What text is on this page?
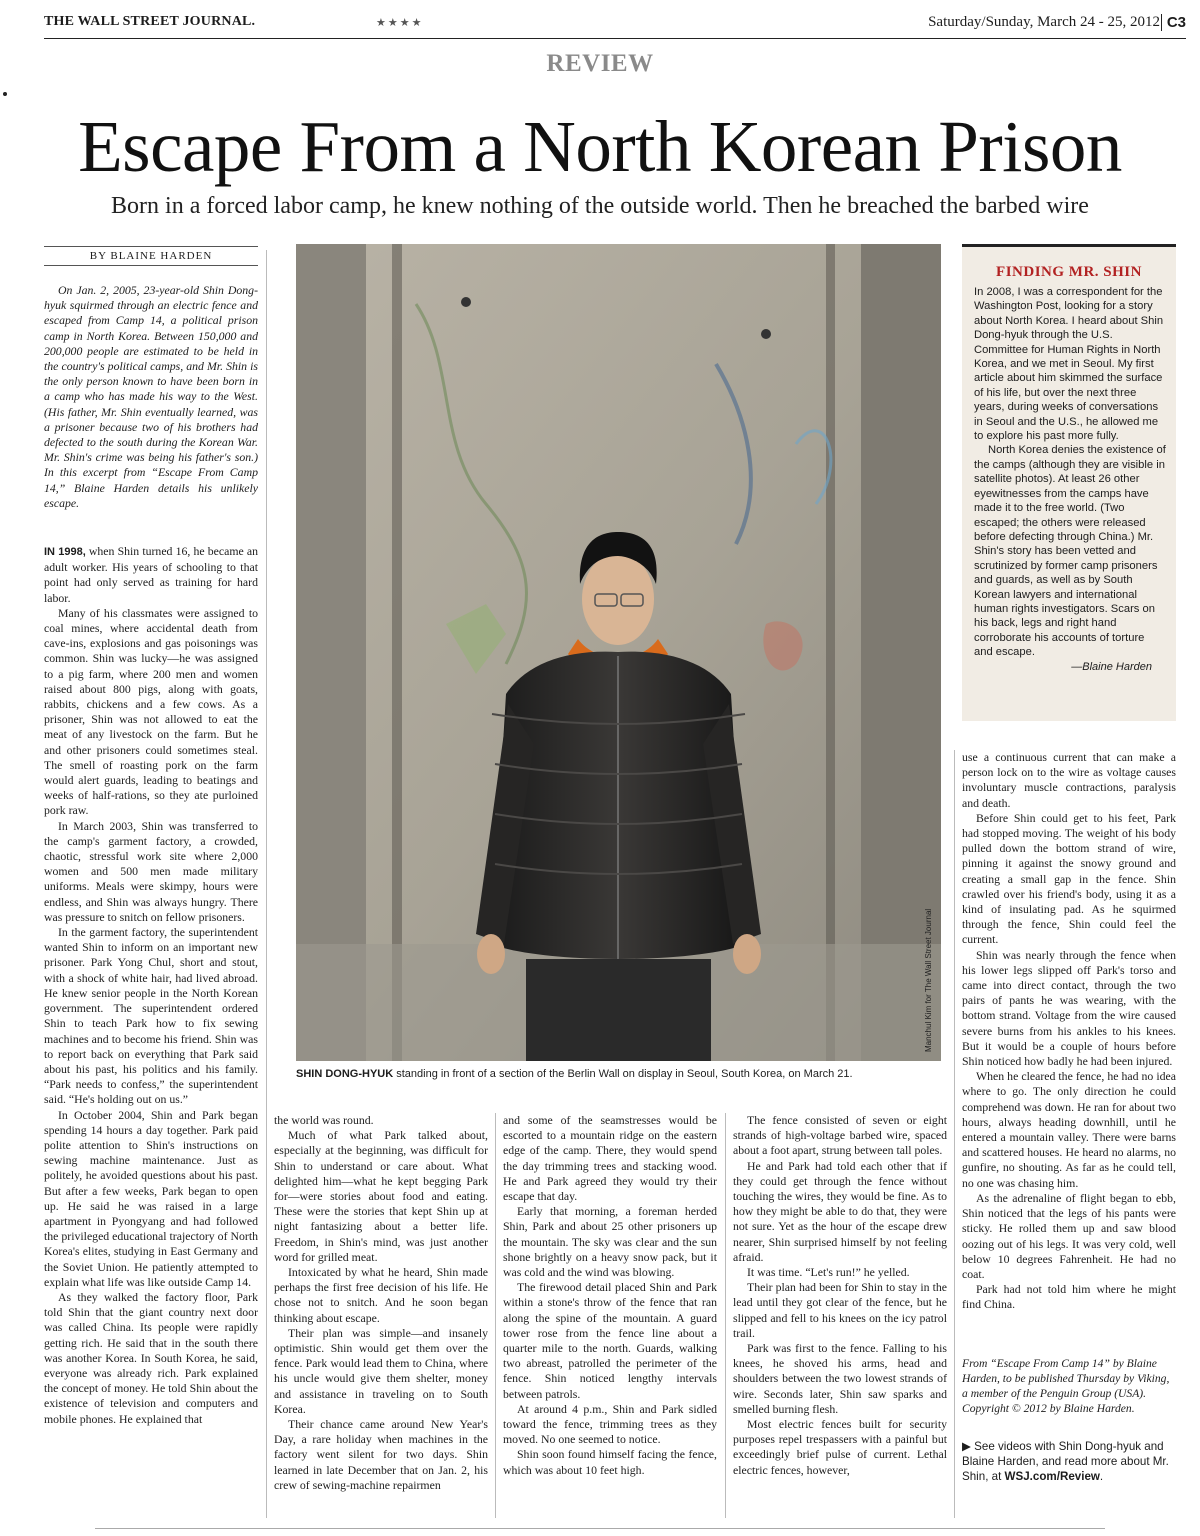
THE WALL STREET JOURNAL.	★★★★	Saturday/Sunday, March 24 - 25, 2012 C3
REVIEW
Escape From a North Korean Prison
Born in a forced labor camp, he knew nothing of the outside world. Then he breached the barbed wire
BY BLAINE HARDEN

On Jan. 2, 2005, 23-year-old Shin Dong-hyuk squirmed through an electric fence and escaped from Camp 14, a political prison camp in North Korea. Between 150,000 and 200,000 people are estimated to be held in the country's political camps, and Mr. Shin is the only person known to have been born in a camp who has made his way to the West. (His father, Mr. Shin eventually learned, was a prisoner because two of his brothers had defected to the south during the Korean War. Mr. Shin's crime was being his father's son.) In this excerpt from “Escape From Camp 14,” Blaine Harden details his unlikely escape.

IN 1998, when Shin turned 16, he became an adult worker. His years of schooling to that point had only served as training for hard labor.

Many of his classmates were assigned to coal mines, where accidental death from cave-ins, explosions and gas poisonings was common. Shin was lucky—he was assigned to a pig farm, where 200 men and women raised about 800 pigs, along with goats, rabbits, chickens and a few cows. As a prisoner, Shin was not allowed to eat the meat of any livestock on the farm. But he and other prisoners could sometimes steal. The smell of roasting pork on the farm would alert guards, leading to beatings and weeks of half-rations, so they ate purloined pork raw.

In March 2003, Shin was transferred to the camp's garment factory, a crowded, chaotic, stressful work site where 2,000 women and 500 men made military uniforms. Meals were skimpy, hours were endless, and Shin was always hungry. There was pressure to snitch on fellow prisoners.

In the garment factory, the superintendent wanted Shin to inform on an important new prisoner. Park Yong Chul, short and stout, with a shock of white hair, had lived abroad. He knew senior people in the North Korean government. The superintendent ordered Shin to teach Park how to fix sewing machines and to become his friend. Shin was to report back on everything that Park said about his past, his politics and his family. “Park needs to confess,” the superintendent said. “He's holding out on us.”

In October 2004, Shin and Park began spending 14 hours a day together. Park paid polite attention to Shin's instructions on sewing machine maintenance. Just as politely, he avoided questions about his past. But after a few weeks, Park began to open up. He said he was raised in a large apartment in Pyongyang and had followed the privileged educational trajectory of North Korea's elites, studying in East Germany and the Soviet Union. He patiently attempted to explain what life was like outside Camp 14.

As they walked the factory floor, Park told Shin that the giant country next door was called China. Its people were rapidly getting rich. He said that in the south there was another Korea. In South Korea, he said, everyone was already rich. Park explained the concept of money. He told Shin about the existence of television and computers and mobile phones. He explained that

Manchul Kim for The Wall Street Journal
SHIN DONG-HYUK standing in front of a section of the Berlin Wall on display in Seoul, South Korea, on March 21.
FINDING MR. SHIN

In 2008, I was a correspondent for the Washington Post, looking for a story about North Korea. I heard about Shin Dong-hyuk through the U.S. Committee for Human Rights in North Korea, and we met in Seoul. My first article about him skimmed the surface of his life, but over the next three years, during weeks of conversations in Seoul and the U.S., he allowed me to explore his past more fully.

North Korea denies the existence of the camps (although they are visible in satellite photos). At least 26 other eyewitnesses from the camps have made it to the free world. (Two escaped; the others were released before defecting through China.) Mr. Shin's story has been vetted and scrutinized by former camp prisoners and guards, as well as by South Korean lawyers and international human rights investigators. Scars on his back, legs and right hand corroborate his accounts of torture and escape.

—Blaine Harden

the world was round.

Much of what Park talked about, especially at the beginning, was difficult for Shin to understand or care about. What delighted him—what he kept begging Park for—were stories about food and eating. These were the stories that kept Shin up at night fantasizing about a better life. Freedom, in Shin's mind, was just another word for grilled meat.

Intoxicated by what he heard, Shin made perhaps the first free decision of his life. He chose not to snitch. And he soon began thinking about escape.

Their plan was simple—and insanely optimistic. Shin would get them over the fence. Park would lead them to China, where his uncle would give them shelter, money and assistance in traveling on to South Korea.

Their chance came around New Year's Day, a rare holiday when machines in the factory went silent for two days. Shin learned in late December that on Jan. 2, his crew of sewing-machine repairmen

and some of the seamstresses would be escorted to a mountain ridge on the eastern edge of the camp. There, they would spend the day trimming trees and stacking wood. He and Park agreed they would try their escape that day.

Early that morning, a foreman herded Shin, Park and about 25 other prisoners up the mountain. The sky was clear and the sun shone brightly on a heavy snow pack, but it was cold and the wind was blowing.

The firewood detail placed Shin and Park within a stone's throw of the fence that ran along the spine of the mountain. A guard tower rose from the fence line about a quarter mile to the north. Guards, walking two abreast, patrolled the perimeter of the fence. Shin noticed lengthy intervals between patrols.

At around 4 p.m., Shin and Park sidled toward the fence, trimming trees as they moved. No one seemed to notice.

Shin soon found himself facing the fence, which was about 10 feet high.

The fence consisted of seven or eight strands of high-voltage barbed wire, spaced about a foot apart, strung between tall poles.

He and Park had told each other that if they could get through the fence without touching the wires, they would be fine. As to how they might be able to do that, they were not sure. Yet as the hour of the escape drew nearer, Shin surprised himself by not feeling afraid.

It was time. “Let's run!” he yelled.

Their plan had been for Shin to stay in the lead until they got clear of the fence, but he slipped and fell to his knees on the icy patrol trail.

Park was first to the fence. Falling to his knees, he shoved his arms, head and shoulders between the two lowest strands of wire. Seconds later, Shin saw sparks and smelled burning flesh.

Most electric fences built for security purposes repel trespassers with a painful but exceedingly brief pulse of current. Lethal electric fences, however,

use a continuous current that can make a person lock on to the wire as voltage causes involuntary muscle contractions, paralysis and death.

Before Shin could get to his feet, Park had stopped moving. The weight of his body pulled down the bottom strand of wire, pinning it against the snowy ground and creating a small gap in the fence. Shin crawled over his friend's body, using it as a kind of insulating pad. As he squirmed through the fence, Shin could feel the current.

Shin was nearly through the fence when his lower legs slipped off Park's torso and came into direct contact, through the two pairs of pants he was wearing, with the bottom strand. Voltage from the wire caused severe burns from his ankles to his knees. But it would be a couple of hours before Shin noticed how badly he had been injured.

When he cleared the fence, he had no idea where to go. The only direction he could comprehend was down. He ran for about two hours, always heading downhill, until he entered a mountain valley. There were barns and scattered houses. He heard no alarms, no gunfire, no shouting. As far as he could tell, no one was chasing him.

As the adrenaline of flight began to ebb, Shin noticed that the legs of his pants were sticky. He rolled them up and saw blood oozing out of his legs. It was very cold, well below 10 degrees Fahrenheit. He had no coat.

Park had not told him where he might find China.

From “Escape From Camp 14” by Blaine Harden, to be published Thursday by Viking, a member of the Penguin Group (USA). Copyright © 2012 by Blaine Harden.
▶ See videos with Shin Dong-hyuk and Blaine Harden, and read more about Mr. Shin, at WSJ.com/Review.
